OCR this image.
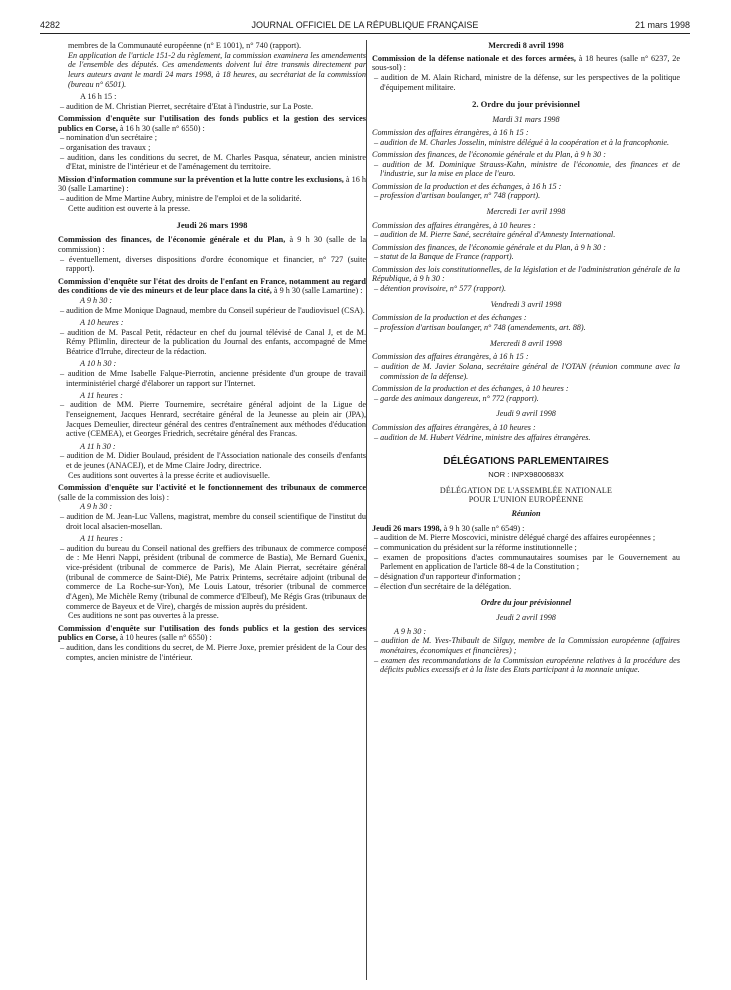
4282	JOURNAL OFFICIEL DE LA RÉPUBLIQUE FRANÇAISE	21 mars 1998

membres de la Communauté européenne (n° E 1001), n° 740 (rapport).

En application de l'article 151-2 du règlement, la commission examinera les amendements de l'ensemble des députés. Ces amendements doivent lui être transmis directement par leurs auteurs avant le mardi 24 mars 1998, à 18 heures, au secrétariat de la commission (bureau n° 6501).

A 16 h 15 :

– audition de M. Christian Pierret, secrétaire d'Etat à l'industrie, sur La Poste.

Commission d'enquête sur l'utilisation des fonds publics et la gestion des services publics en Corse, à 16 h 30 (salle n° 6550) :

– nomination d'un secrétaire ;

– organisation des travaux ;

– audition, dans les conditions du secret, de M. Charles Pasqua, sénateur, ancien ministre d'Etat, ministre de l'intérieur et de l'aménagement du territoire.

Mission d'information commune sur la prévention et la lutte contre les exclusions, à 16 h 30 (salle Lamartine) :

– audition de Mme Martine Aubry, ministre de l'emploi et de la solidarité.

Cette audition est ouverte à la presse.

Jeudi 26 mars 1998

Commission des finances, de l'économie générale et du Plan, à 9 h 30 (salle de la commission) :

– éventuellement, diverses dispositions d'ordre économique et financier, n° 727 (suite rapport).

Commission d'enquête sur l'état des droits de l'enfant en France, notamment au regard des conditions de vie des mineurs et de leur place dans la cité, à 9 h 30 (salle Lamartine) :

A 9 h 30 :

– audition de Mme Monique Dagnaud, membre du Conseil supérieur de l'audiovisuel (CSA).

A 10 heures :

– audition de M. Pascal Petit, rédacteur en chef du journal télévisé de Canal J, et de M. Rémy Pflimlin, directeur de la publication du Journal des enfants, accompagné de Mme Béatrice d'Irruhe, directeur de la rédaction.

A 10 h 30 :

– audition de Mme Isabelle Falque-Pierrotin, ancienne présidente d'un groupe de travail interministériel chargé d'élaborer un rapport sur l'Internet.

A 11 heures :

– audition de MM. Pierre Tournemire, secrétaire général adjoint de la Ligue de l'enseignement, Jacques Henrard, secrétaire général de la Jeunesse au plein air (JPA), Jacques Demeulier, directeur général des centres d'entraînement aux méthodes d'éducation active (CEMEA), et Georges Friedrich, secrétaire général des Francas.

A 11 h 30 :

– audition de M. Didier Boulaud, président de l'Association nationale des conseils d'enfants et de jeunes (ANACEJ), et de Mme Claire Jodry, directrice.

Ces auditions sont ouvertes à la presse écrite et audiovisuelle.

Commission d'enquête sur l'activité et le fonctionnement des tribunaux de commerce (salle de la commission des lois) :

A 9 h 30 :

– audition de M. Jean-Luc Vallens, magistrat, membre du conseil scientifique de l'institut du droit local alsacien-mosellan.

A 11 heures :

– audition du bureau du Conseil national des greffiers des tribunaux de commerce composé de : Me Henri Nappi, président (tribunal de commerce de Bastia), Me Bernard Guenix, vice-président (tribunal de commerce de Paris), Me Alain Pierrat, secrétaire général (tribunal de commerce de Saint-Dié), Me Patrix Printems, secrétaire adjoint (tribunal de commerce de La Roche-sur-Yon), Me Louis Latour, trésorier (tribunal de commerce d'Agen), Me Michèle Remy (tribunal de commerce d'Elbeuf), Me Régis Gras (tribunaux de commerce de Bayeux et de Vire), chargés de mission auprès du président.

Ces auditions ne sont pas ouvertes à la presse.

Commission d'enquête sur l'utilisation des fonds publics et la gestion des services publics en Corse, à 10 heures (salle n° 6550) :

– audition, dans les conditions du secret, de M. Pierre Joxe, premier président de la Cour des comptes, ancien ministre de l'intérieur.

Mercredi 8 avril 1998

Commission de la défense nationale et des forces armées, à 18 heures (salle n° 6237, 2e sous-sol) :

– audition de M. Alain Richard, ministre de la défense, sur les perspectives de la politique d'équipement militaire.

2. Ordre du jour prévisionnel

Mardi 31 mars 1998

Commission des affaires étrangères, à 16 h 15 :

– audition de M. Charles Josselin, ministre délégué à la coopération et à la francophonie.

Commission des finances, de l'économie générale et du Plan, à 9 h 30 :

– audition de M. Dominique Strauss-Kahn, ministre de l'économie, des finances et de l'industrie, sur la mise en place de l'euro.

Commission de la production et des échanges, à 16 h 15 :

– profession d'artisan boulanger, n° 748 (rapport).

Mercredi 1er avril 1998

Commission des affaires étrangères, à 10 heures :

– audition de M. Pierre Sané, secrétaire général d'Amnesty International.

Commission des finances, de l'économie générale et du Plan, à 9 h 30 :

– statut de la Banque de France (rapport).

Commission des lois constitutionnelles, de la législation et de l'administration générale de la République, à 9 h 30 :

– détention provisoire, n° 577 (rapport).

Vendredi 3 avril 1998

Commission de la production et des échanges :

– profession d'artisan boulanger, n° 748 (amendements, art. 88).

Mercredi 8 avril 1998

Commission des affaires étrangères, à 16 h 15 :

– audition de M. Javier Solana, secrétaire général de l'OTAN (réunion commune avec la commission de la défense).

Commission de la production et des échanges, à 10 heures :

– garde des animaux dangereux, n° 772 (rapport).

Jeudi 9 avril 1998

Commission des affaires étrangères, à 10 heures :

– audition de M. Hubert Védrine, ministre des affaires étrangères.

DÉLÉGATIONS PARLEMENTAIRES

NOR : INPX9800683X

DÉLÉGATION DE L'ASSEMBLÉE NATIONALE

POUR L'UNION EUROPÉENNE

Réunion

Jeudi 26 mars 1998, à 9 h 30 (salle n° 6549) :

– audition de M. Pierre Moscovici, ministre délégué chargé des affaires européennes ;

– communication du président sur la réforme institutionnelle ;

– examen de propositions d'actes communautaires soumises par le Gouvernement au Parlement en application de l'article 88-4 de la Constitution ;

– désignation d'un rapporteur d'information ;

– élection d'un secrétaire de la délégation.

Ordre du jour prévisionnel

Jeudi 2 avril 1998

A 9 h 30 :

– audition de M. Yves-Thibault de Silguy, membre de la Commission européenne (affaires monétaires, économiques et financières) ;

– examen des recommandations de la Commission européenne relatives à la procédure des déficits publics excessifs et à la liste des Etats participant à la monnaie unique.
